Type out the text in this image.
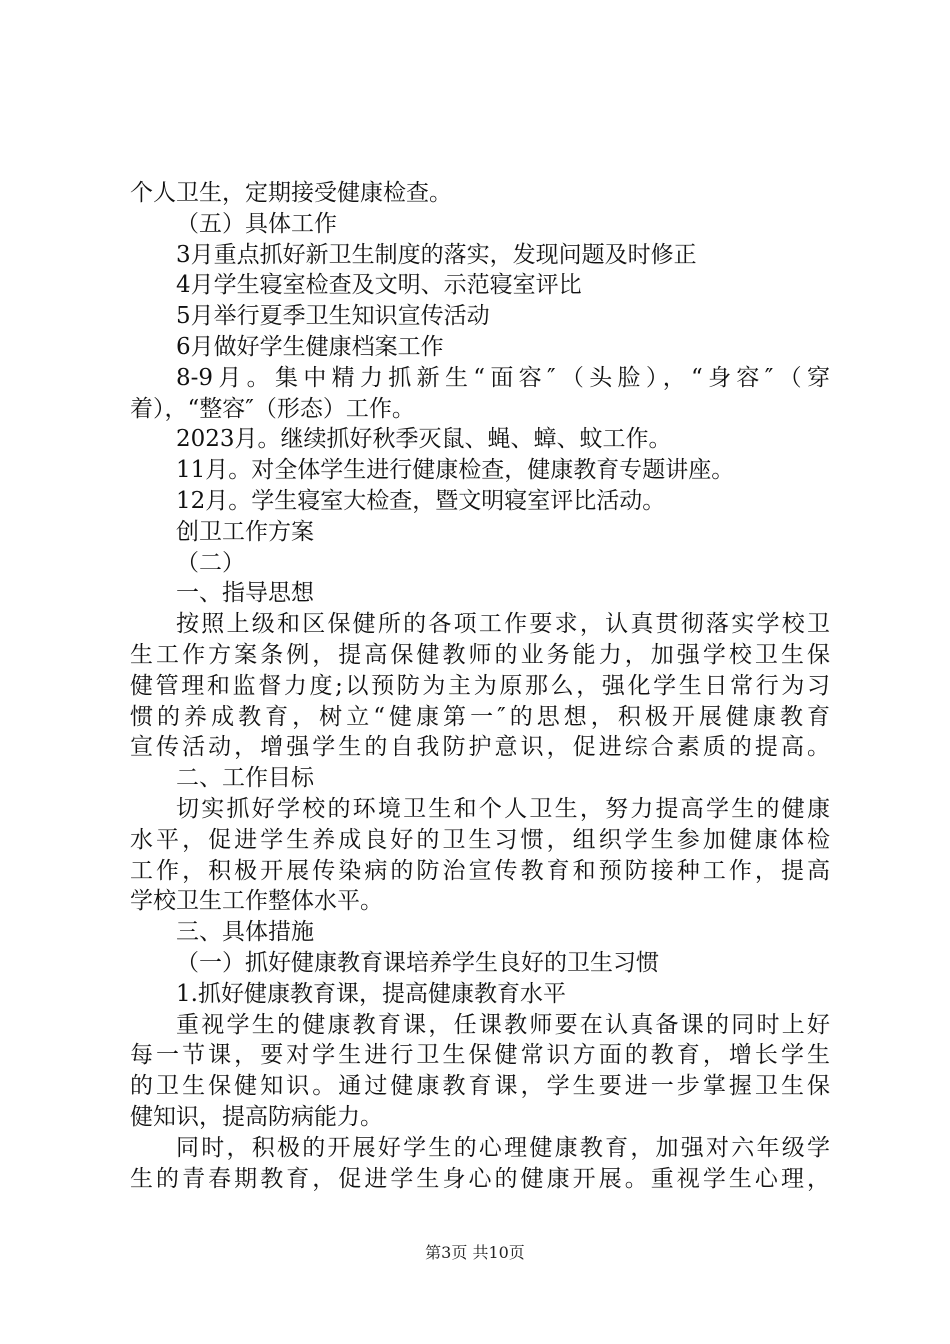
个人卫生，定期接受健康检查。
（五）具体工作
3月重点抓好新卫生制度的落实，发现问题及时修正
4月学生寝室检查及文明、示范寝室评比
5月举行夏季卫生知识宣传活动
6月做好学生健康档案工作
8-9月。集中精力抓新生“面容″（头脸），“身容″（穿
着），“整容″（形态）工作。
2023月。继续抓好秋季灭鼠、蝇、蟑、蚊工作。
11月。对全体学生进行健康检查，健康教育专题讲座。
12月。学生寝室大检查，暨文明寝室评比活动。
创卫工作方案
（二）
一、指导思想
按照上级和区保健所的各项工作要求，认真贯彻落实学校卫
生工作方案条例，提高保健教师的业务能力，加强学校卫生保
健管理和监督力度;以预防为主为原那么，强化学生日常行为习
惯的养成教育，树立“健康第一″的思想，积极开展健康教育
宣传活动，增强学生的自我防护意识，促进综合素质的提高。
二、工作目标
切实抓好学校的环境卫生和个人卫生，努力提高学生的健康
水平，促进学生养成良好的卫生习惯，组织学生参加健康体检
工作，积极开展传染病的防治宣传教育和预防接种工作，提高
学校卫生工作整体水平。
三、具体措施
（一）抓好健康教育课培养学生良好的卫生习惯
1.抓好健康教育课，提高健康教育水平
重视学生的健康教育课，任课教师要在认真备课的同时上好
每一节课，要对学生进行卫生保健常识方面的教育，增长学生
的卫生保健知识。通过健康教育课，学生要进一步掌握卫生保
健知识，提高防病能力。
同时，积极的开展好学生的心理健康教育，加强对六年级学
生的青春期教育，促进学生身心的健康开展。重视学生心理，
第3页 共10页
